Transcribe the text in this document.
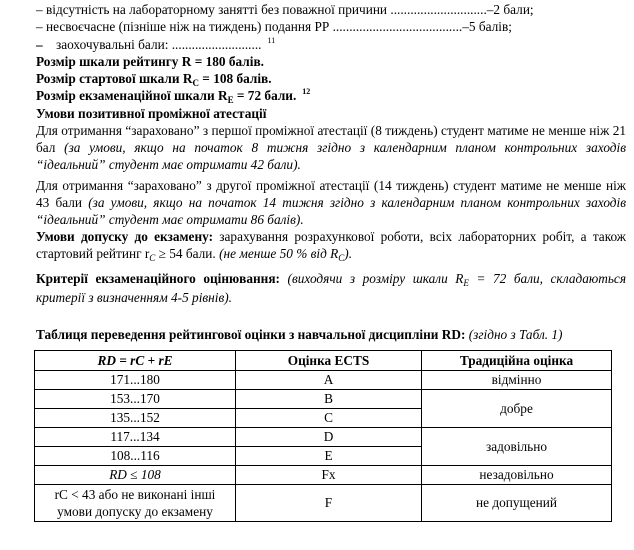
– відсутність на лабораторному занятті без поважної причини .............................–2 бали;
– несвоєчасне (пізніше ніж на тиждень) подання РР .......................................–5 балів;
– заохочувальні бали: ........................... $^{11}$
Розмір шкали рейтингу R = 180 балів.
Розмір стартової шкали $R_C = 108$ балів.
Розмір екзаменаційної шкали $R_E = 72$ бали. $^{12}$
Умови позитивної проміжної атестації
Для отримання “зараховано” з першої проміжної атестації (8 тиждень) студент матиме не менше ніж 21 бал (за умови, якщо на початок 8 тижня згідно з календарним планом контрольних заходів “ідеальний” студент має отримати 42 бали).
Для отримання “зараховано” з другої проміжної атестації (14 тиждень) студент матиме не менше ніж 43 бали (за умови, якщо на початок 14 тижня згідно з календарним планом контрольних заходів “ідеальний” студент має отримати 86 балів).
Умови допуску до екзамену: зарахування розрахункової роботи, всіх лабораторних робіт, а також стартовий рейтинг $r_C \ge 54$ бали. (не менше 50 % від $R_C$).
Критерії екзаменаційного оцінювання: (виходячи з розміру шкали $R_E = 72$ бали, складаються критерії з визначенням 4-5 рівнів).
Таблиця переведення рейтингової оцінки з навчальної дисципліни RD: (згідно з Табл. 1)
RD = rC + rE	Оцінка ECTS	Традиційна оцінка
171...180	A	відмінно
153...170	B	добре
135...152	C	
117...134	D	задовільно
108...116	E	
RD ≤ 108	Fx	незадовільно
rC < 43 або не виконані інші умови допуску до екзамену	F	не допущений
